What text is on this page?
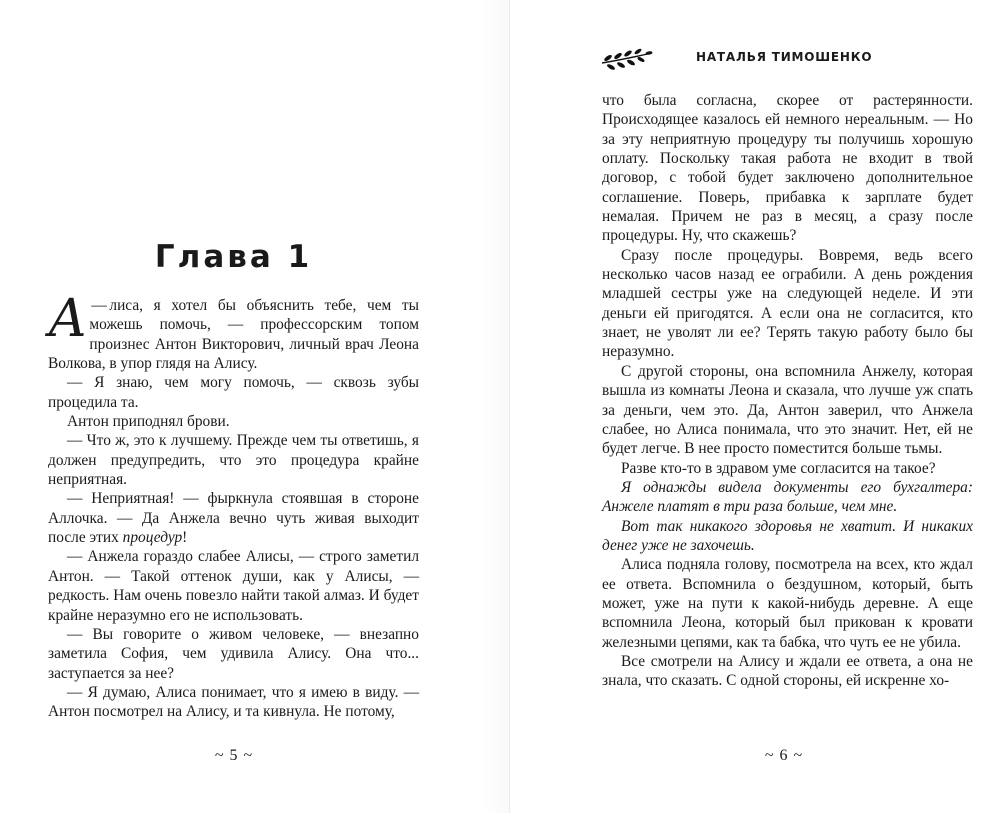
Глава 1

—
А лиса, я хотел бы объяснить тебе, чем ты можешь помочь, — профессорским топом произнес Антон Викторович, личный врач Леона Волкова, в упор глядя на Алису.

— Я знаю, чем могу помочь, — сквозь зубы процедила та.

Антон приподнял брови.

— Что ж, это к лучшему. Прежде чем ты ответишь, я должен предупредить, что это процедура крайне неприятная.

— Неприятная! — фыркнула стоявшая в стороне Аллочка. — Да Анжела вечно чуть живая выходит после этих процедур!

— Анжела гораздо слабее Алисы, — строго заметил Антон. — Такой оттенок души, как у Алисы, — редкость. Нам очень повезло найти такой алмаз. И будет крайне неразумно его не использовать.

— Вы говорите о живом человеке, — внезапно заметила София, чем удивила Алису. Она что... заступается за нее?

— Я думаю, Алиса понимает, что я имею в виду. — Антон посмотрел на Алису, и та кивнула. Не потому,

~ 5 ~
НАТАЛЬЯ ТИМОШЕНКО

что была согласна, скорее от растерянности. Происходящее казалось ей немного нереальным. — Но за эту неприятную процедуру ты получишь хорошую оплату. Поскольку такая работа не входит в твой договор, с тобой будет заключено дополнительное соглашение. Поверь, прибавка к зарплате будет немалая. Причем не раз в месяц, а сразу после процедуры. Ну, что скажешь?

Сразу после процедуры. Вовремя, ведь всего несколько часов назад ее ограбили. А день рождения младшей сестры уже на следующей неделе. И эти деньги ей пригодятся. А если она не согласится, кто знает, не уволят ли ее? Терять такую работу было бы неразумно.

С другой стороны, она вспомнила Анжелу, которая вышла из комнаты Леона и сказала, что лучше уж спать за деньги, чем это. Да, Антон заверил, что Анжела слабее, но Алиса понимала, что это значит. Нет, ей не будет легче. В нее просто поместится больше тьмы.

Разве кто-то в здравом уме согласится на такое?

Я однажды видела документы его бухгалтера: Анжеле платят в три раза больше, чем мне.

Вот так никакого здоровья не хватит. И никаких денег уже не захочешь.

Алиса подняла голову, посмотрела на всех, кто ждал ее ответа. Вспомнила о бездушном, который, быть может, уже на пути к какой-нибудь деревне. А еще вспомнила Леона, который был прикован к кровати железными цепями, как та бабка, что чуть ее не убила.

Все смотрели на Алису и ждали ее ответа, а она не знала, что сказать. С одной стороны, ей искренне хо-

~ 6 ~
